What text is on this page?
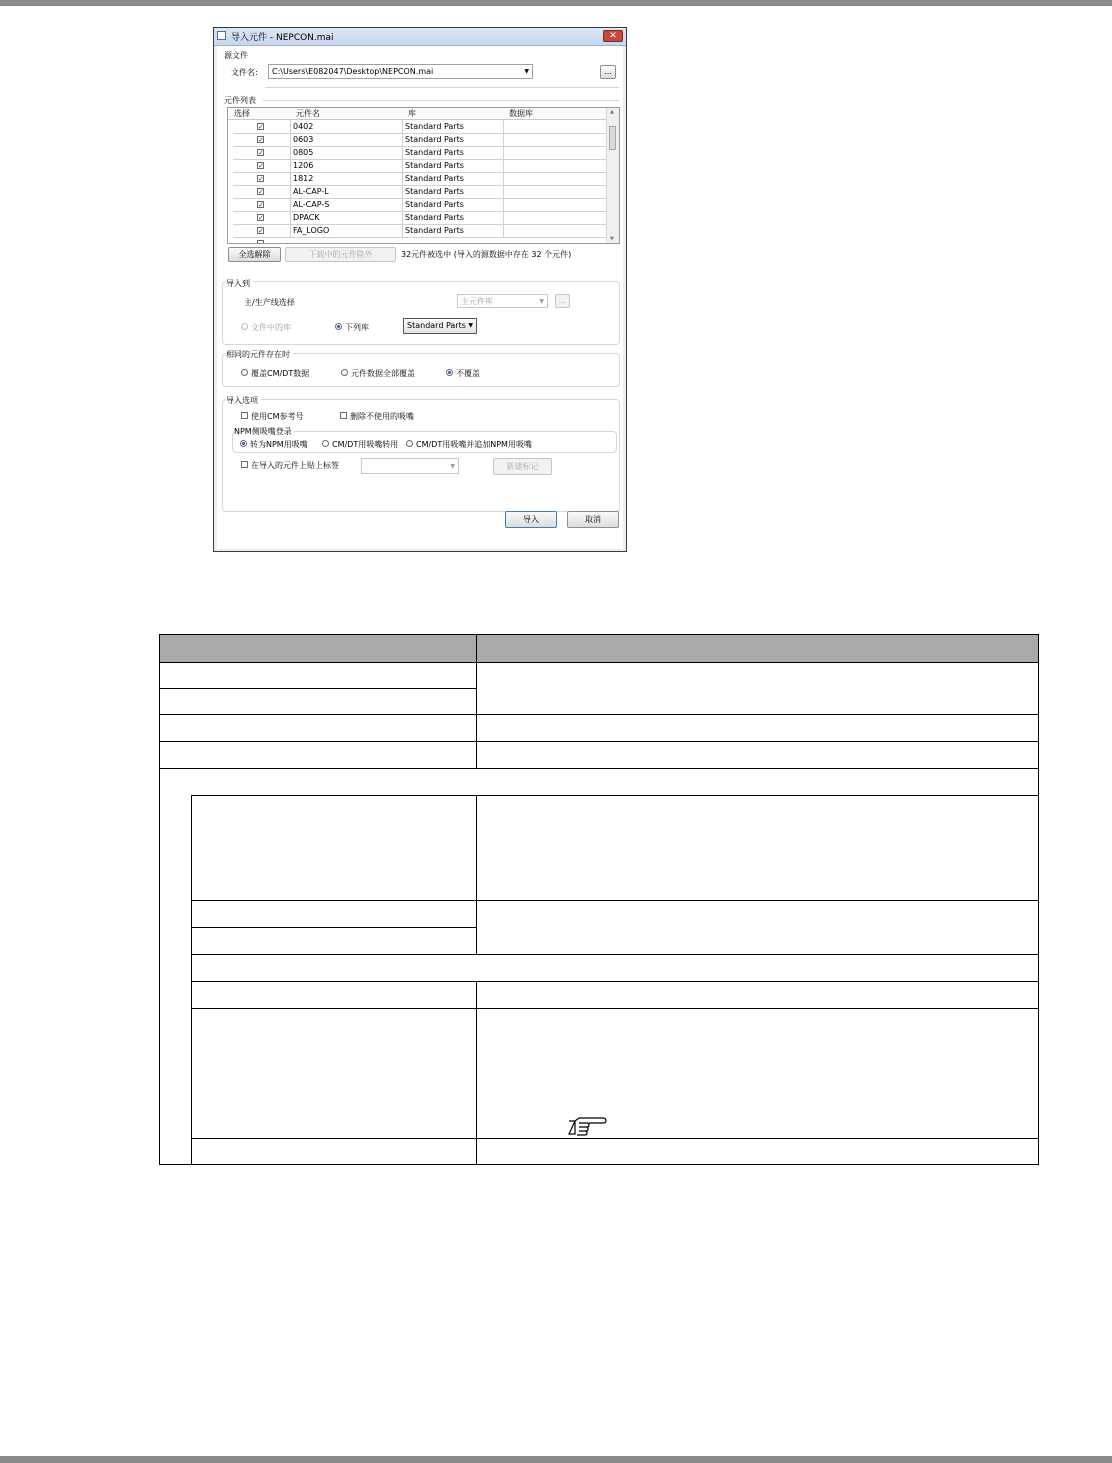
导入元件 - NEPCON.mai	✕
源文件
文件名:	C:\Users\E082047\Desktop\NEPCON.mai	▼	...
元件列表
选择	元件名	库	数据库
✓	0402	Standard Parts
✓	0603	Standard Parts
✓	0805	Standard Parts
✓	1206	Standard Parts
✓	1812	Standard Parts
✓	AL-CAP-L	Standard Parts
✓	AL-CAP-S	Standard Parts
✓	DPACK	Standard Parts
✓	FA_LOGO	Standard Parts
▲
▼
全选解除	下载中的元件除外	32元件被选中 (导入的源数据中存在 32 个元件)
导入到
主/生产线选择	主元件库	▼	...
文件中的库	下列库	Standard Parts ▼
相同的元件存在时
覆盖CM/DT数据	元件数据全部覆盖	不覆盖
导入选项
使用CM参考号	删除不使用的吸嘴
NPM侧吸嘴登录
转为NPM用吸嘴	CM/DT用吸嘴转用 CM/DT用吸嘴并追加NPM用吸嘴
在导入的元件上贴上标签	▼	新建标记
导入	取消
